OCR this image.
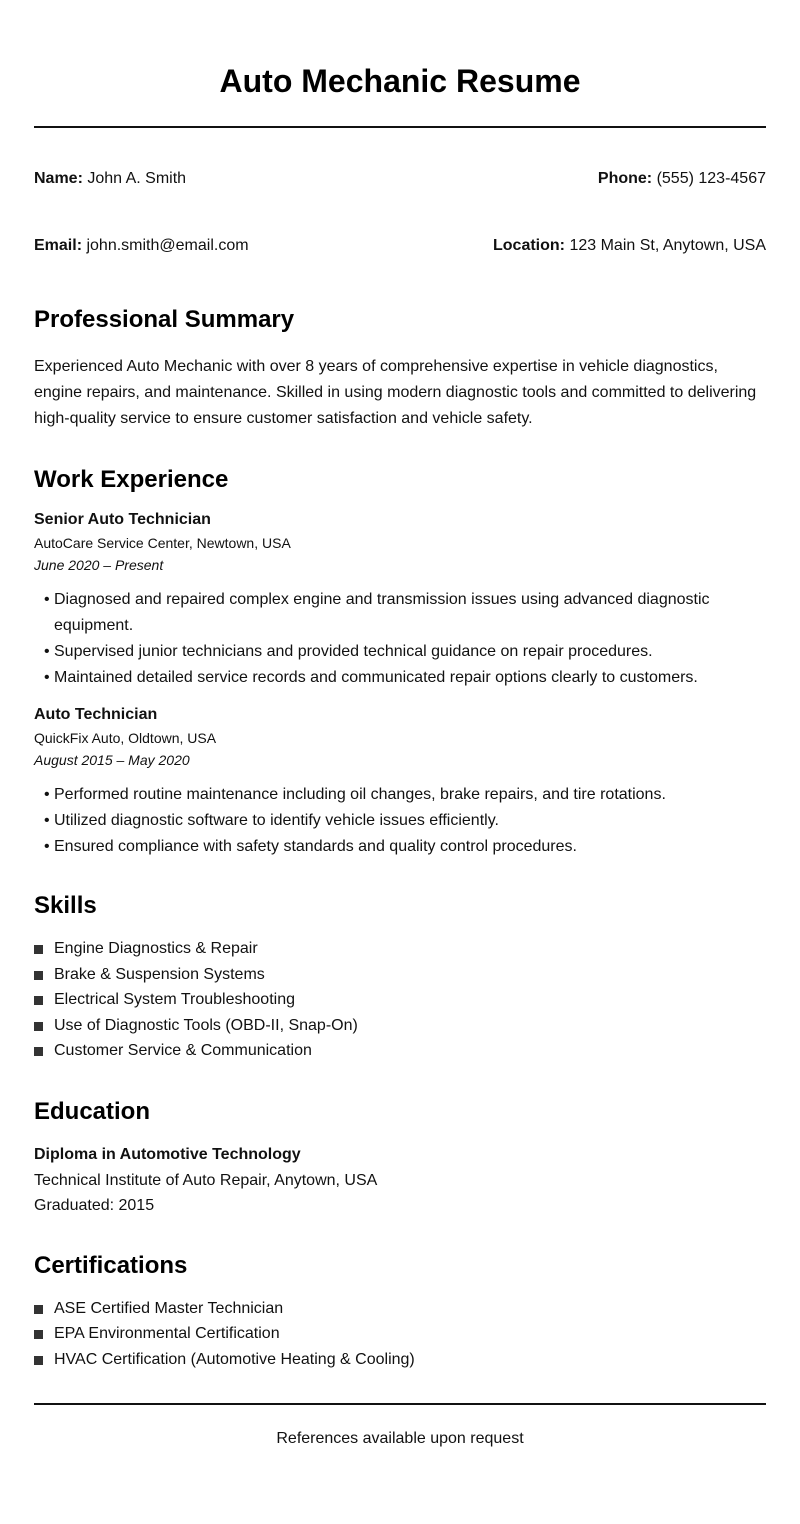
Auto Mechanic Resume
Name: John A. Smith	Phone: (555) 123-4567
Email: john.smith@email.com	Location: 123 Main St, Anytown, USA
Professional Summary

Experienced Auto Mechanic with over 8 years of comprehensive expertise in vehicle diagnostics, engine repairs, and maintenance. Skilled in using modern diagnostic tools and committed to delivering high-quality service to ensure customer satisfaction and vehicle safety.

Work Experience
Senior Auto Technician
AutoCare Service Center, Newtown, USA
June 2020 – Present
• Diagnosed and repaired complex engine and transmission issues using advanced diagnostic equipment.
• Supervised junior technicians and provided technical guidance on repair procedures.
• Maintained detailed service records and communicated repair options clearly to customers.
Auto Technician
QuickFix Auto, Oldtown, USA
August 2015 – May 2020
• Performed routine maintenance including oil changes, brake repairs, and tire rotations.
• Utilized diagnostic software to identify vehicle issues efficiently.
• Ensured compliance with safety standards and quality control procedures.
Skills
Engine Diagnostics & Repair
Brake & Suspension Systems
Electrical System Troubleshooting
Use of Diagnostic Tools (OBD-II, Snap-On)
Customer Service & Communication
Education
Diploma in Automotive Technology
Technical Institute of Auto Repair, Anytown, USA
Graduated: 2015
Certifications
ASE Certified Master Technician
EPA Environmental Certification
HVAC Certification (Automotive Heating & Cooling)
References available upon request
